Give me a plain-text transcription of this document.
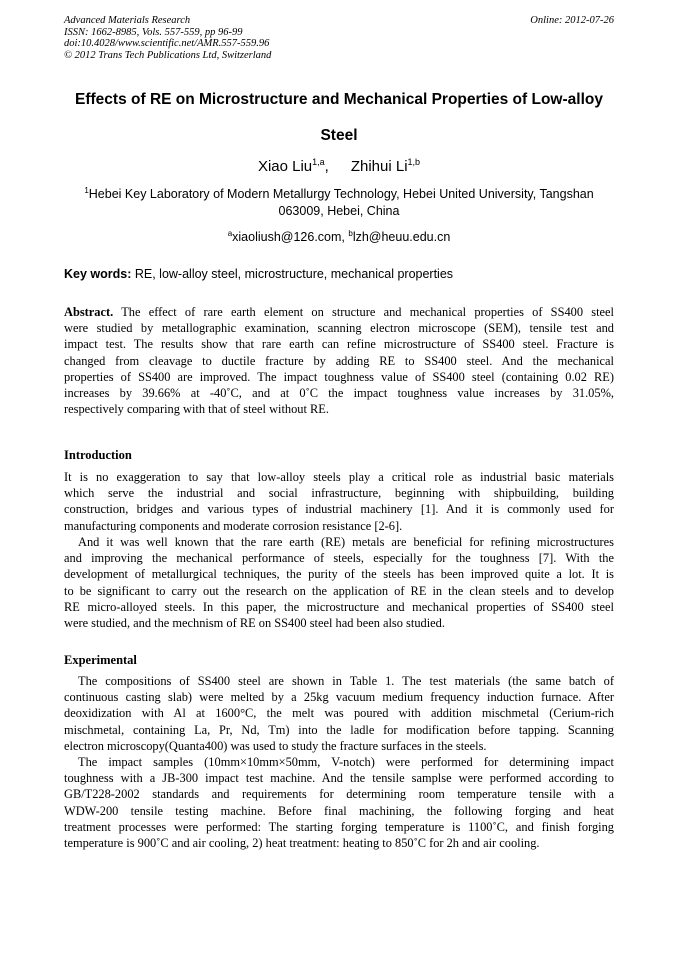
Advanced Materials Research
ISSN: 1662-8985, Vols. 557-559, pp 96-99
doi:10.4028/www.scientific.net/AMR.557-559.96
© 2012 Trans Tech Publications Ltd, Switzerland
Online: 2012-07-26
Effects of RE on Microstructure and Mechanical Properties of Low-alloy
Steel
Xiao Liu$^{1,a}$, Zhihui Li$^{1,b}$
$^1$Hebei Key Laboratory of Modern Metallurgy Technology, Hebei United University, Tangshan
063009, Hebei, China
$^a$xiaoliush@126.com, $^b$lzh@heuu.edu.cn
Key words: RE, low-alloy steel, microstructure, mechanical properties
Abstract. The effect of rare earth element on structure and mechanical properties of SS400 steel
were studied by metallographic examination, scanning electron microscope (SEM), tensile test and
impact test. The results show that rare earth can refine microstructure of SS400 steel. Fracture is
changed from cleavage to ductile fracture by adding RE to SS400 steel. And the mechanical
properties of SS400 are improved. The impact toughness value of SS400 steel (containing 0.02 RE)
increases by 39.66% at -40˚C, and at 0˚C the impact toughness value increases by 31.05%,
respectively comparing with that of steel without RE.
Introduction
It is no exaggeration to say that low-alloy steels play a critical role as industrial basic materials
which serve the industrial and social infrastructure, beginning with shipbuilding, building
construction, bridges and various types of industrial machinery [1]. And it is commonly used for
manufacturing components and moderate corrosion resistance [2-6].
And it was well known that the rare earth (RE) metals are beneficial for refining microstructures
and improving the mechanical performance of steels, especially for the toughness [7]. With the
development of metallurgical techniques, the purity of the steels has been improved quite a lot. It is
to be significant to carry out the research on the application of RE in the clean steels and to develop
RE micro-alloyed steels. In this paper, the microstructure and mechanical properties of SS400 steel
were studied, and the mechnism of RE on SS400 steel had been also studied.
Experimental
The compositions of SS400 steel are shown in Table 1. The test materials (the same batch of
continuous casting slab) were melted by a 25kg vacuum medium frequency induction furnace. After
deoxidization with Al at 1600°C, the melt was poured with addition mischmetal (Cerium-rich
mischmetal, containing La, Pr, Nd, Tm) into the ladle for modification before tapping. Scanning
electron microscopy(Quanta400) was used to study the fracture surfaces in the steels.
The impact samples (10mm×10mm×50mm, V-notch) were performed for determining impact
toughness with a JB-300 impact test machine. And the tensile samplse were performed according to
GB/T228-2002 standards and requirements for determining room temperature tensile with a
WDW-200 tensile testing machine. Before final machining, the following forging and heat
treatment processes were performed: The starting forging temperature is 1100˚C, and finish forging
temperature is 900˚C and air cooling, 2) heat treatment: heating to 850˚C for 2h and air cooling.
